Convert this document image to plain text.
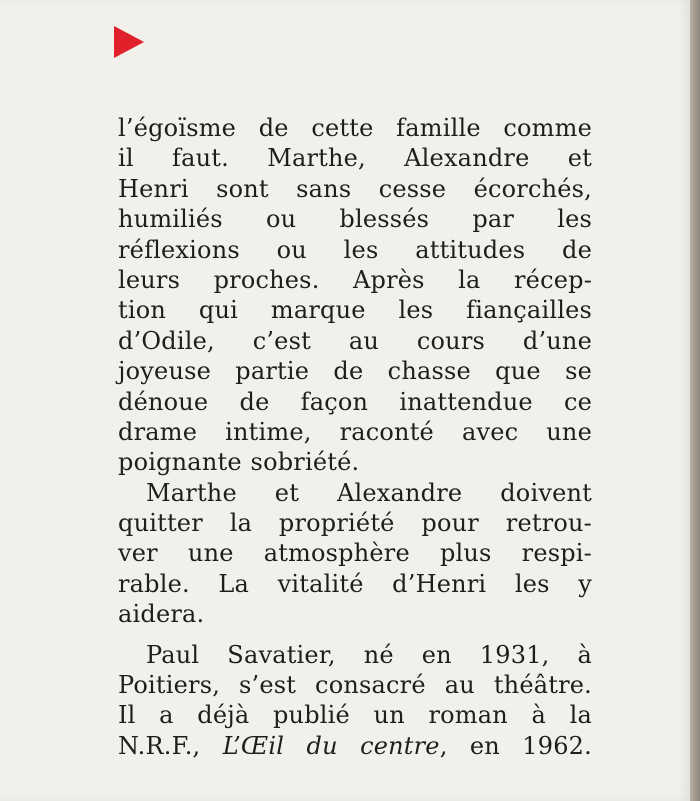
l’égoïsme de cette famille comme
il faut. Marthe, Alexandre et
Henri sont sans cesse écorchés,
humiliés ou blessés par les
réflexions ou les attitudes de
leurs proches. Après la récep-
tion qui marque les fiançailles
d’Odile, c’est au cours d’une
joyeuse partie de chasse que se
dénoue de façon inattendue ce
drame intime, raconté avec une
poignante sobriété.
Marthe et Alexandre doivent
quitter la propriété pour retrou-
ver une atmosphère plus respi-
rable. La vitalité d’Henri les y
aidera.
Paul Savatier, né en 1931, à
Poitiers, s’est consacré au théâtre.
Il a déjà publié un roman à la
N.R.F., L’Œil du centre, en 1962.
